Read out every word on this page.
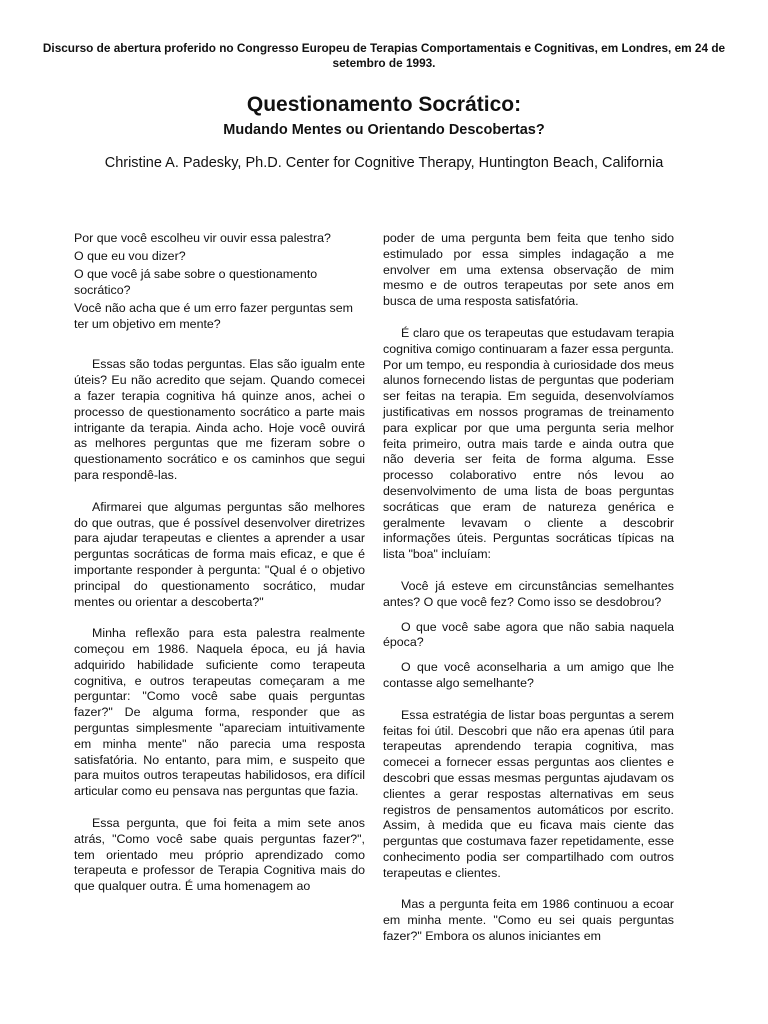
Discurso de abertura proferido no Congresso Europeu de Terapias Comportamentais e Cognitivas, em Londres, em 24 de setembro de 1993.
Questionamento Socrático:
Mudando Mentes ou Orientando Descobertas?
Christine A. Padesky, Ph.D. Center for Cognitive Therapy, Huntington Beach, California
Por que você escolheu vir ouvir essa palestra?
O que eu vou dizer?
O que você já sabe sobre o questionamento socrático?
Você não acha que é um erro fazer perguntas sem ter um objetivo em mente?

Essas são todas perguntas. Elas são igualm ente úteis? Eu não acredito que sejam. Quando comecei a fazer terapia cognitiva há quinze anos, achei o processo de questionamento socrático a parte mais intrigante da terapia. Ainda acho. Hoje você ouvirá as melhores perguntas que me fizeram sobre o questionamento socrático e os caminhos que segui para respondê-las.

Afirmarei que algumas perguntas são melhores do que outras, que é possível desenvolver diretrizes para ajudar terapeutas e clientes a aprender a usar perguntas socráticas de forma mais eficaz, e que é importante responder à pergunta: "Qual é o objetivo principal do questionamento socrático, mudar mentes ou orientar a descoberta?"

Minha reflexão para esta palestra realmente começou em 1986. Naquela época, eu já havia adquirido habilidade suficiente como terapeuta cognitiva, e outros terapeutas começaram a me perguntar: "Como você sabe quais perguntas fazer?" De alguma forma, responder que as perguntas simplesmente "apareciam intuitivamente em minha mente" não parecia uma resposta satisfatória. No entanto, para mim, e suspeito que para muitos outros terapeutas habilidosos, era difícil articular como eu pensava nas perguntas que fazia.

Essa pergunta, que foi feita a mim sete anos atrás, "Como você sabe quais perguntas fazer?", tem orientado meu próprio aprendizado como terapeuta e professor de Terapia Cognitiva mais do que qualquer outra. É uma homenagem ao

poder de uma pergunta bem feita que tenho sido estimulado por essa simples indagação a me envolver em uma extensa observação de mim mesmo e de outros terapeutas por sete anos em busca de uma resposta satisfatória.

É claro que os terapeutas que estudavam terapia cognitiva comigo continuaram a fazer essa pergunta. Por um tempo, eu respondia à curiosidade dos meus alunos fornecendo listas de perguntas que poderiam ser feitas na terapia. Em seguida, desenvolvíamos justificativas em nossos programas de treinamento para explicar por que uma pergunta seria melhor feita primeiro, outra mais tarde e ainda outra que não deveria ser feita de forma alguma. Esse processo colaborativo entre nós levou ao desenvolvimento de uma lista de boas perguntas socráticas que eram de natureza genérica e geralmente levavam o cliente a descobrir informações úteis. Perguntas socráticas típicas na lista "boa" incluíam:

Você já esteve em circunstâncias semelhantes antes? O que você fez? Como isso se desdobrou?

O que você sabe agora que não sabia naquela época?

O que você aconselharia a um amigo que lhe contasse algo semelhante?

Essa estratégia de listar boas perguntas a serem feitas foi útil. Descobri que não era apenas útil para terapeutas aprendendo terapia cognitiva, mas comecei a fornecer essas perguntas aos clientes e descobri que essas mesmas perguntas ajudavam os clientes a gerar respostas alternativas em seus registros de pensamentos automáticos por escrito. Assim, à medida que eu ficava mais ciente das perguntas que costumava fazer repetidamente, esse conhecimento podia ser compartilhado com outros terapeutas e clientes.

Mas a pergunta feita em 1986 continuou a ecoar em minha mente. "Como eu sei quais perguntas fazer?" Embora os alunos iniciantes em
